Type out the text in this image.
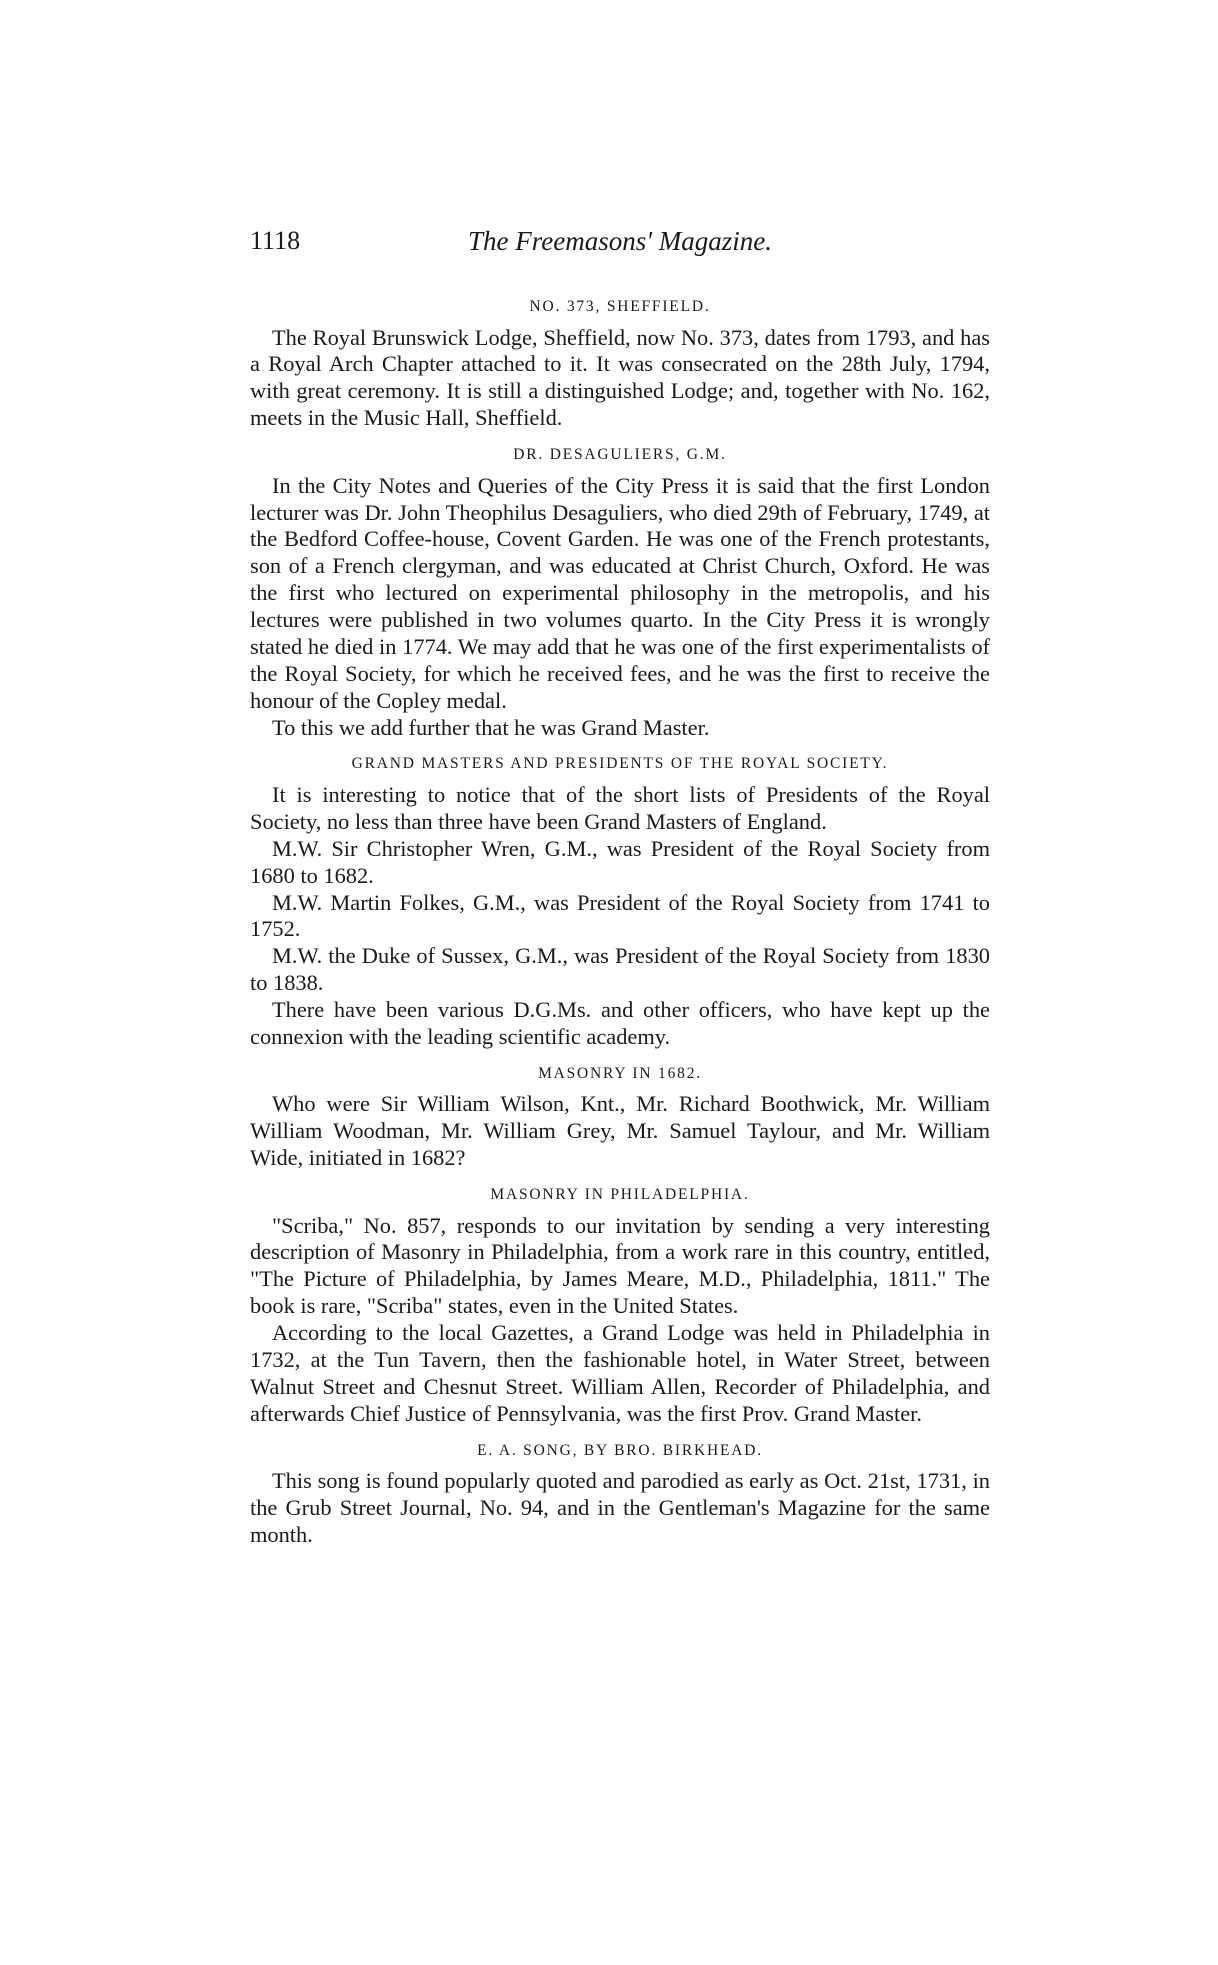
1118	The Freemasons' Magazine.
NO. 373, SHEFFIELD.

The Royal Brunswick Lodge, Sheffield, now No. 373, dates from 1793, and has a Royal Arch Chapter attached to it. It was consecrated on the 28th July, 1794, with great ceremony. It is still a distinguished Lodge; and, together with No. 162, meets in the Music Hall, Sheffield.

DR. DESAGULIERS, G.M.

In the City Notes and Queries of the City Press it is said that the first London lecturer was Dr. John Theophilus Desaguliers, who died 29th of February, 1749, at the Bedford Coffee-house, Covent Garden. He was one of the French protestants, son of a French clergyman, and was educated at Christ Church, Oxford. He was the first who lectured on experimental philosophy in the metropolis, and his lectures were published in two volumes quarto. In the City Press it is wrongly stated he died in 1774. We may add that he was one of the first experimentalists of the Royal Society, for which he received fees, and he was the first to receive the honour of the Copley medal.

To this we add further that he was Grand Master.

GRAND MASTERS AND PRESIDENTS OF THE ROYAL SOCIETY.

It is interesting to notice that of the short lists of Presidents of the Royal Society, no less than three have been Grand Masters of England.

M.W. Sir Christopher Wren, G.M., was President of the Royal Society from 1680 to 1682.

M.W. Martin Folkes, G.M., was President of the Royal Society from 1741 to 1752.

M.W. the Duke of Sussex, G.M., was President of the Royal Society from 1830 to 1838.

There have been various D.G.Ms. and other officers, who have kept up the connexion with the leading scientific academy.

MASONRY IN 1682.

Who were Sir William Wilson, Knt., Mr. Richard Boothwick, Mr. William William Woodman, Mr. William Grey, Mr. Samuel Taylour, and Mr. William Wide, initiated in 1682?

MASONRY IN PHILADELPHIA.

"Scriba," No. 857, responds to our invitation by sending a very interesting description of Masonry in Philadelphia, from a work rare in this country, entitled, "The Picture of Philadelphia, by James Meare, M.D., Philadelphia, 1811." The book is rare, "Scriba" states, even in the United States.

According to the local Gazettes, a Grand Lodge was held in Philadelphia in 1732, at the Tun Tavern, then the fashionable hotel, in Water Street, between Walnut Street and Chesnut Street. William Allen, Recorder of Philadelphia, and afterwards Chief Justice of Pennsylvania, was the first Prov. Grand Master.

E. A. SONG, BY BRO. BIRKHEAD.

This song is found popularly quoted and parodied as early as Oct. 21st, 1731, in the Grub Street Journal, No. 94, and in the Gentleman's Magazine for the same month.
